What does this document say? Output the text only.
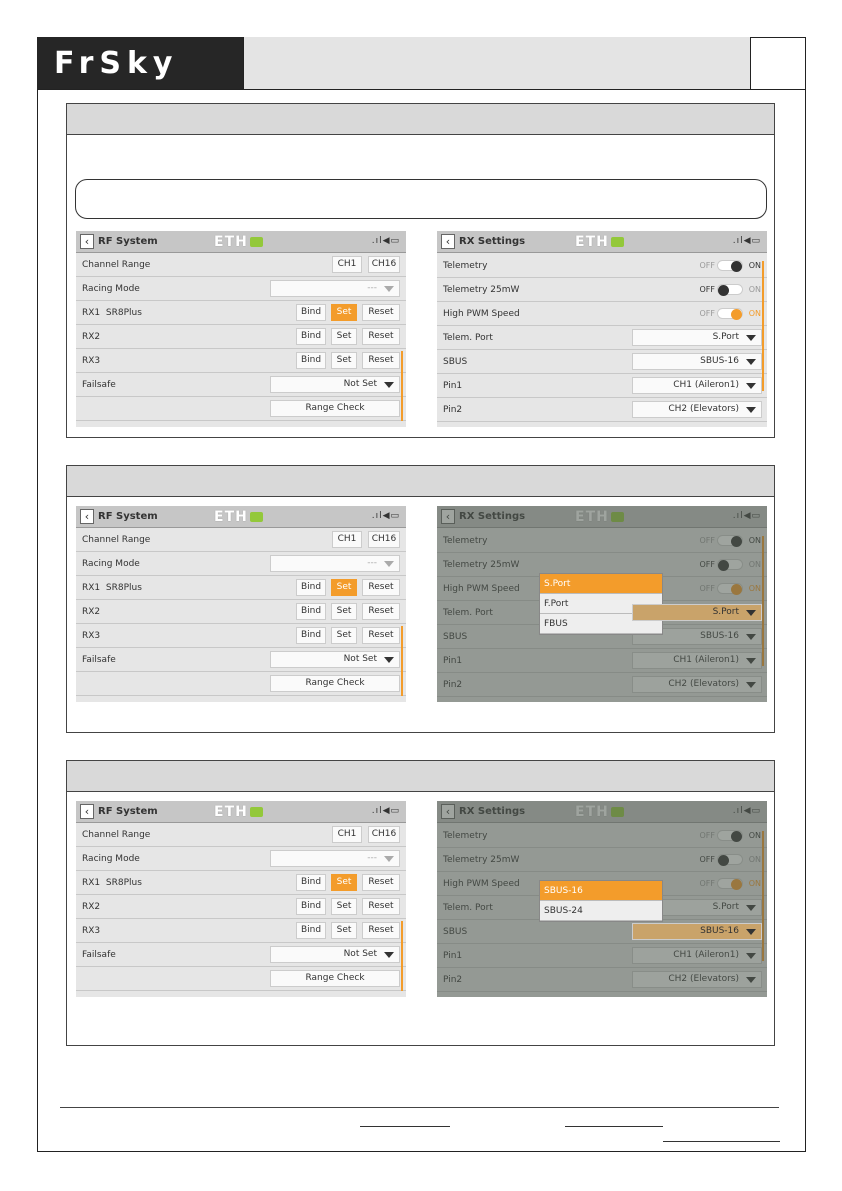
FrSky
‹ RF System	ETH	.ıl◀▭
Channel Range	CH1	CH16
Racing Mode	---
RX1 SR8Plus	Bind	Set	Reset
RX2	Bind	Set	Reset
RX3	Bind	Set	Reset
Failsafe	Not Set
Range Check
‹ RF System	ETH	.ıl◀▭
Channel Range	CH1	CH16
Racing Mode	---
RX1 SR8Plus	Bind	Set	Reset
RX2	Bind	Set	Reset
RX3	Bind	Set	Reset
Failsafe	Not Set
Range Check
‹ RF System	ETH	.ıl◀▭
Channel Range	CH1	CH16
Racing Mode	---
RX1 SR8Plus	Bind	Set	Reset
RX2	Bind	Set	Reset
RX3	Bind	Set	Reset
Failsafe	Not Set
Range Check
‹ RX Settings	ETH	.ıl◀▭
Telemetry	OFF	ON
Telemetry 25mW	OFF	ON
High PWM Speed	OFF	ON
Telem. Port	S.Port
SBUS	SBUS-16
Pin1	CH1 (Aileron1)
Pin2	CH2 (Elevators)
S.Port
S.Port
F.Port
FBUS
SBUS-16
SBUS-16
SBUS-24
